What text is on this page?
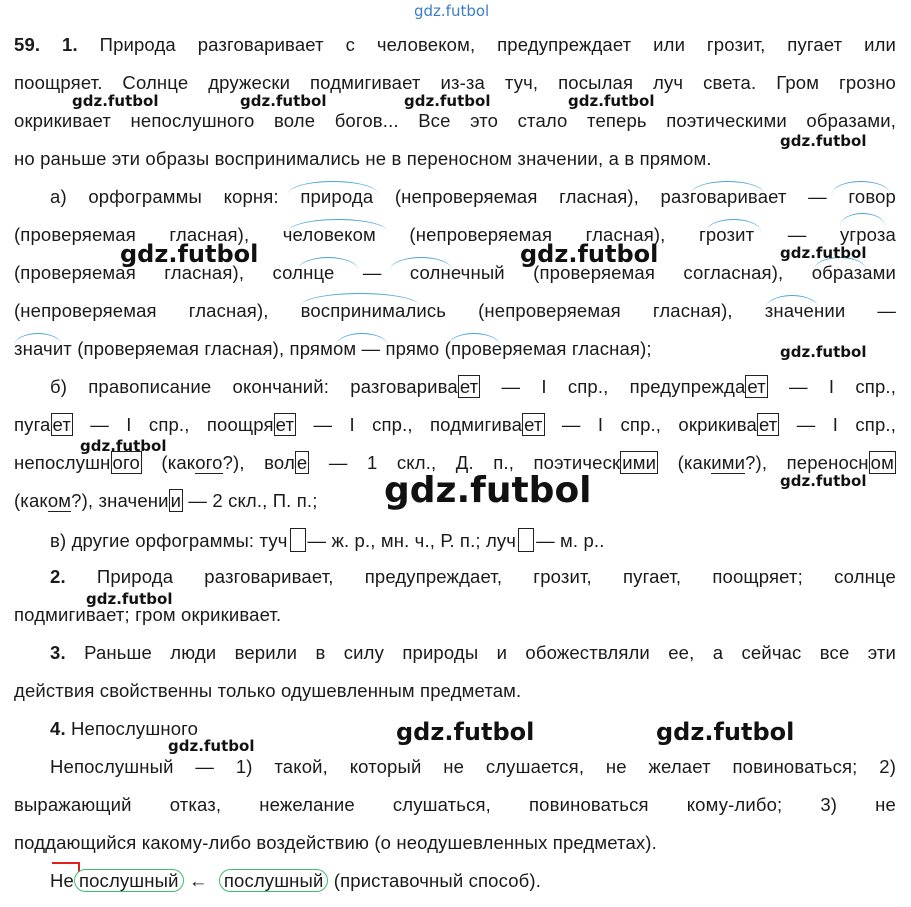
gdz.futbol
59. 1. Природа разговаривает с человеком, предупреждает или грозит, пугает или
поощряет. Солнце дружески подмигивает из-за туч, посылая луч света. Гром грозно
окрикивает непослушного воле богов... Все это стало теперь поэтическими образами,
но раньше эти образы воспринимались не в переносном значении, а в прямом.
а) орфограммы корня: природа (непроверяемая гласная), разговаривает — говор
(проверяемая гласная), человеком (непроверяемая гласная), грозит — угроза
(проверяемая гласная), солнце — солнечный (проверяемая согласная), образами
(непроверяемая гласная), воспринимались (непроверяемая гласная), значении —
значит (проверяемая гласная), прямом — прямо (проверяемая гласная);
б) правописание окончаний: разговарива ет — I спр., предупрежда ет — I спр.,
пуга ет — I спр., поощря ет — I спр., подмигива ет — I спр., окрикива ет — I спр.,
непослушн ого (какого?), вол е — 1 скл., Д. п., поэтическ ими (какими?), переносн ом
(каком?), значени и — 2 скл., П. п.;
в) другие орфограммы: туч — ж. р., мн. ч., Р. п.; луч — м. р..
2. Природа разговаривает, предупреждает, грозит, пугает, поощряет; солнце
подмигивает; гром окрикивает.
3. Раньше люди верили в силу природы и обожествляли ее, а сейчас все эти
действия свойственны только одушевленным предметам.
4. Непослушного
Непослушный — 1) такой, который не слушается, не желает повиноваться; 2)
выражающий отказ, нежелание слушаться, повиноваться кому-либо; 3) не
поддающийся какому-либо воздействию (о неодушевленных предметах).
Не послушный ← послушный (приставочный способ).
gdz.futbol	gdz.futbol	gdz.futbol	gdz.futbol
gdz.futbol
gdz.futbol	gdz.futbol	gdz.futbol
gdz.futbol
gdz.futbol
gdz.futbol
gdz.futbol
gdz.futbol
gdz.futbol	gdz.futbol
gdz.futbol
